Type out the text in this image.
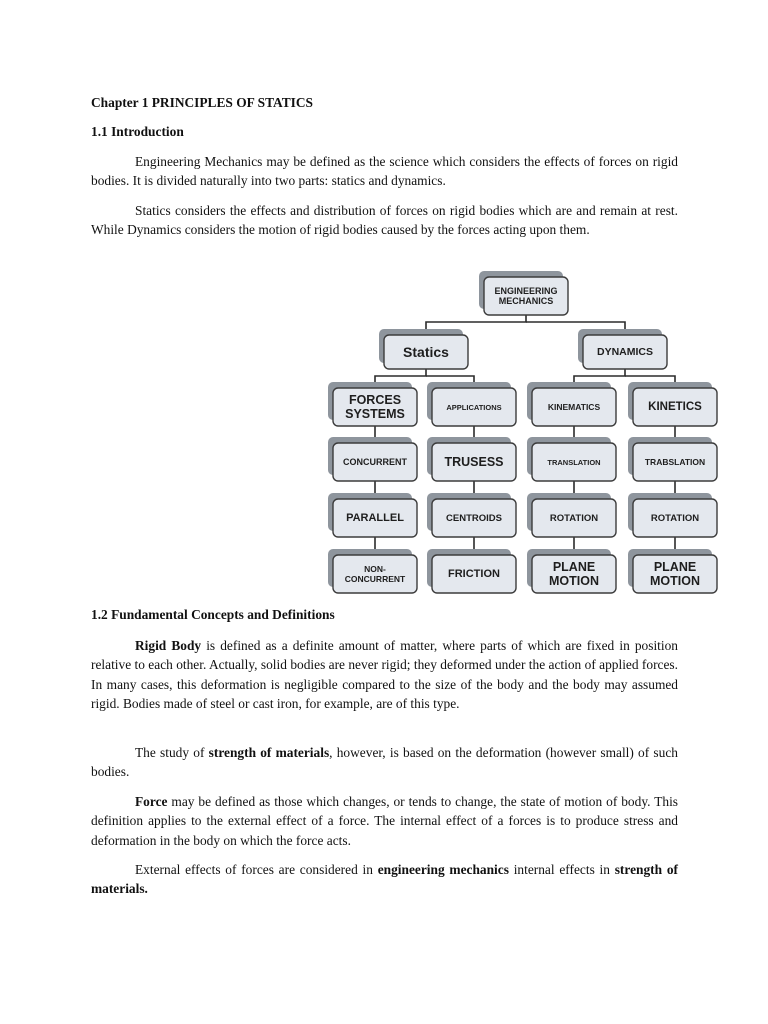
Chapter 1 PRINCIPLES OF STATICS
1.1 Introduction

Engineering Mechanics may be defined as the science which considers the effects of forces on rigid bodies. It is divided naturally into two parts: statics and dynamics.

Statics considers the effects and distribution of forces on rigid bodies which are and remain at rest. While Dynamics considers the motion of rigid bodies caused by the forces acting upon them.

ENGINEERING MECHANICS
Statics
FORCES SYSTEMS
CONCURRENT
PARALLEL
NON-CONCURRENT
APPLICATIONS
TRUSESS
CENTROIDS
FRICTION
DYNAMICS
KINEMATICS
TRANSLATION
ROTATION
PLANE MOTION
KINETICS
TRABSLATION
ROTATION
PLANE MOTION
1.2 Fundamental Concepts and Definitions

Rigid Body is defined as a definite amount of matter, where parts of which are fixed in position relative to each other. Actually, solid bodies are never rigid; they deformed under the action of applied forces. In many cases, this deformation is negligible compared to the size of the body and the body may assumed rigid. Bodies made of steel or cast iron, for example, are of this type.

The study of strength of materials, however, is based on the deformation (however small) of such bodies.

Force may be defined as those which changes, or tends to change, the state of motion of body. This definition applies to the external effect of a force. The internal effect of a forces is to produce stress and deformation in the body on which the force acts.

External effects of forces are considered in engineering mechanics internal effects in strength of materials.
